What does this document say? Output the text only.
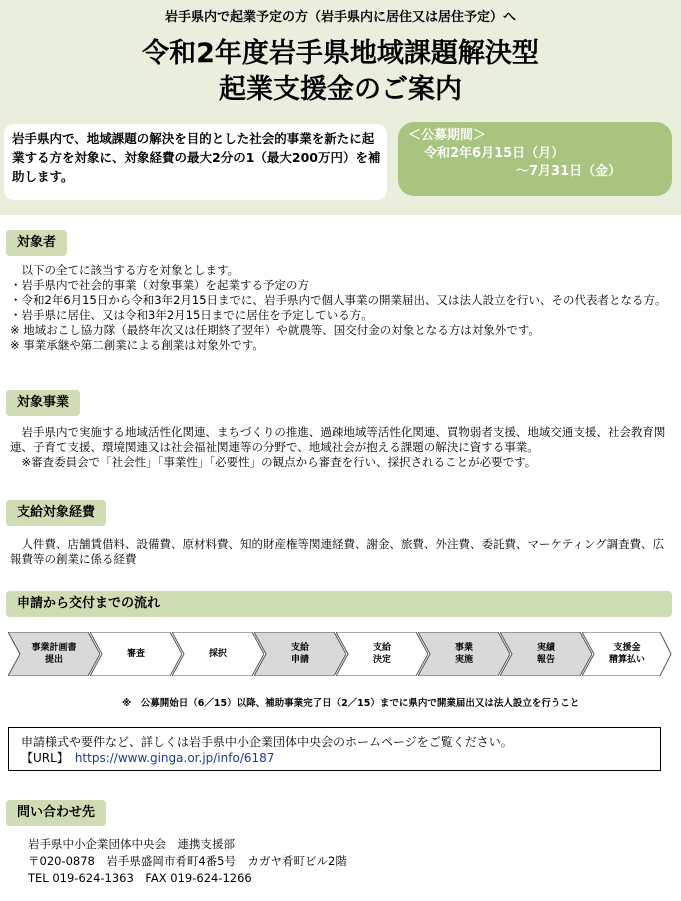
岩手県内で起業予定の方（岩手県内に居住又は居住予定）へ
令和2年度岩手県地域課題解決型
起業支援金のご案内
岩手県内で、地域課題の解決を目的とした社会的事業を新たに起業する方を対象に、対象経費の最大2分の1（最大200万円）を補助します。
＜公募期間＞
令和2年6月15日（月）
～7月31日（金）
対象者
　以下の全てに該当する方を対象とします。
・岩手県内で社会的事業（対象事業）を起業する予定の方
・令和2年6月15日から令和3年2月15日までに、岩手県内で個人事業の開業届出、又は法人設立を行い、その代表者となる方。
・岩手県に居住、又は令和3年2月15日までに居住を予定している方。
※ 地域おこし協力隊（最終年次又は任期終了翌年）や就農等、国交付金の対象となる方は対象外です。
※ 事業承継や第二創業による創業は対象外です。
対象事業
　岩手県内で実施する地域活性化関連、まちづくりの推進、過疎地域等活性化関連、買物弱者支援、地域交通支援、社会教育関連、子育て支援、環境関連又は社会福祉関連等の分野で、地域社会が抱える課題の解決に資する事業。
　※審査委員会で「社会性」「事業性」「必要性」の観点から審査を行い、採択されることが必要です。
支給対象経費
　人件費、店舗賃借料、設備費、原材料費、知的財産権等関連経費、謝金、旅費、外注費、委託費、マーケティング調査費、広報費等の創業に係る経費
申請から交付までの流れ
事業計画書
提出
審査	採択
支給
申請
支給
決定
事業
実施
実績
報告
支援金
精算払い
※　公募開始日（6／15）以降、補助事業完了日（2／15）までに県内で開業届出又は法人設立を行うこと
申請様式や要件など、詳しくは岩手県中小企業団体中央会のホームページをご覧ください。
【URL】 https://www.ginga.or.jp/info/6187
問い合わせ先
岩手県中小企業団体中央会　連携支援部
〒020-0878　岩手県盛岡市肴町4番5号　カガヤ肴町ビル2階
TEL 019-624-1363　FAX 019-624-1266
